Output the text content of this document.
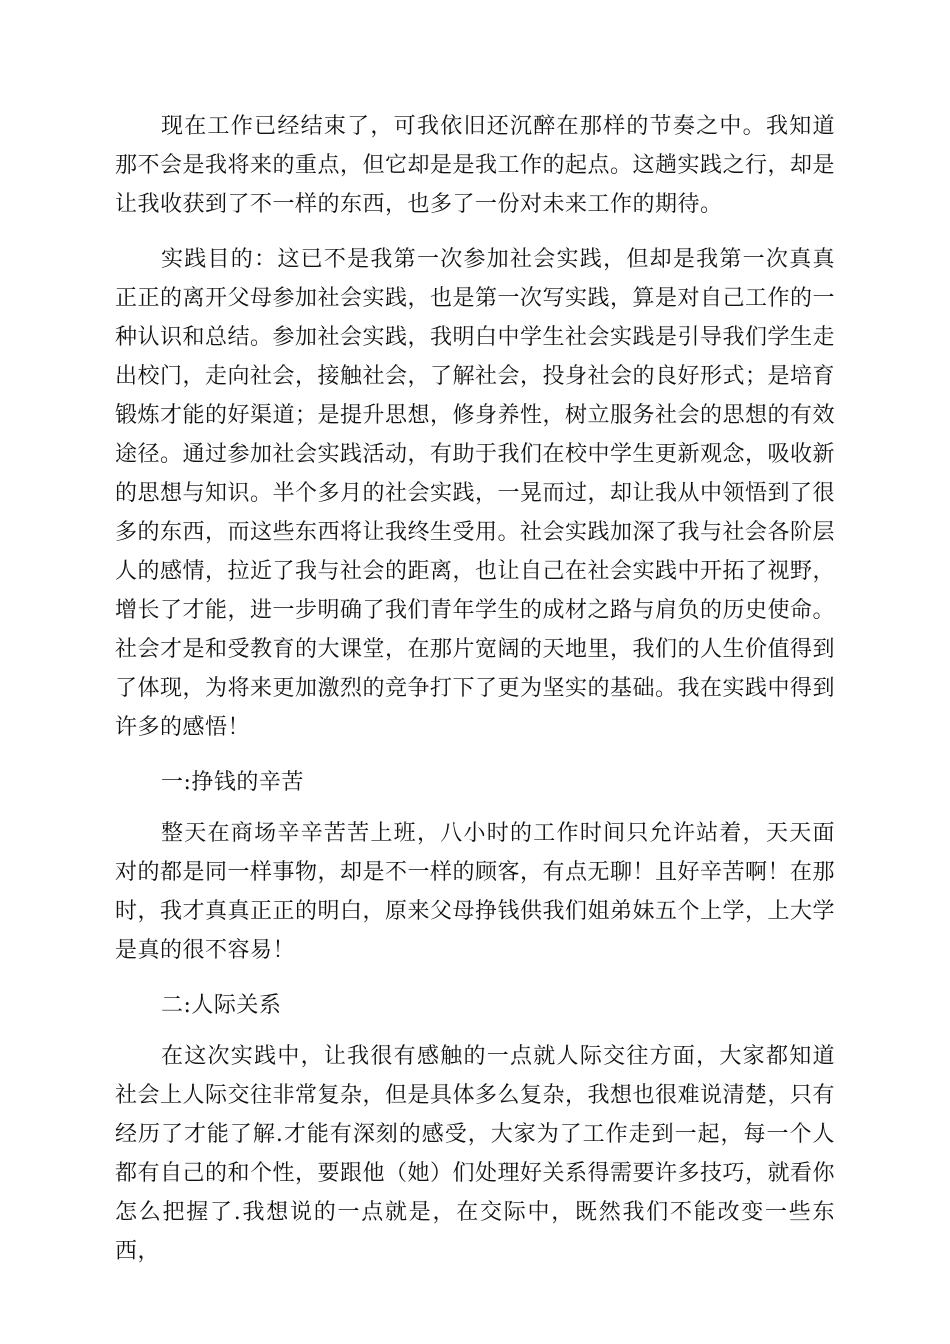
现在工作已经结束了，可我依旧还沉醉在那样的节奏之中。我知道那不会是我将来的重点，但它却是是我工作的起点。这趟实践之行，却是让我收获到了不一样的东西，也多了一份对未来工作的期待。

实践目的：这已不是我第一次参加社会实践，但却是我第一次真真正正的离开父母参加社会实践，也是第一次写实践，算是对自己工作的一种认识和总结。参加社会实践，我明白中学生社会实践是引导我们学生走出校门，走向社会，接触社会，了解社会，投身社会的良好形式；是培育锻炼才能的好渠道；是提升思想，修身养性，树立服务社会的思想的有效途径。通过参加社会实践活动，有助于我们在校中学生更新观念，吸收新的思想与知识。半个多月的社会实践，一晃而过，却让我从中领悟到了很多的东西，而这些东西将让我终生受用。社会实践加深了我与社会各阶层人的感情，拉近了我与社会的距离，也让自己在社会实践中开拓了视野，增长了才能，进一步明确了我们青年学生的成材之路与肩负的历史使命。社会才是和受教育的大课堂，在那片宽阔的天地里，我们的人生价值得到了体现，为将来更加激烈的竞争打下了更为坚实的基础。我在实践中得到许多的感悟！

一:挣钱的辛苦

整天在商场辛辛苦苦上班，八小时的工作时间只允许站着，天天面对的都是同一样事物，却是不一样的顾客，有点无聊！且好辛苦啊！在那时，我才真真正正的明白，原来父母挣钱供我们姐弟妹五个上学，上大学是真的很不容易！

二:人际关系

在这次实践中，让我很有感触的一点就人际交往方面，大家都知道社会上人际交往非常复杂，但是具体多么复杂，我想也很难说清楚，只有经历了才能了解.才能有深刻的感受，大家为了工作走到一起，每一个人都有自己的和个性，要跟他（她）们处理好关系得需要许多技巧，就看你怎么把握了.我想说的一点就是，在交际中，既然我们不能改变一些东西，
